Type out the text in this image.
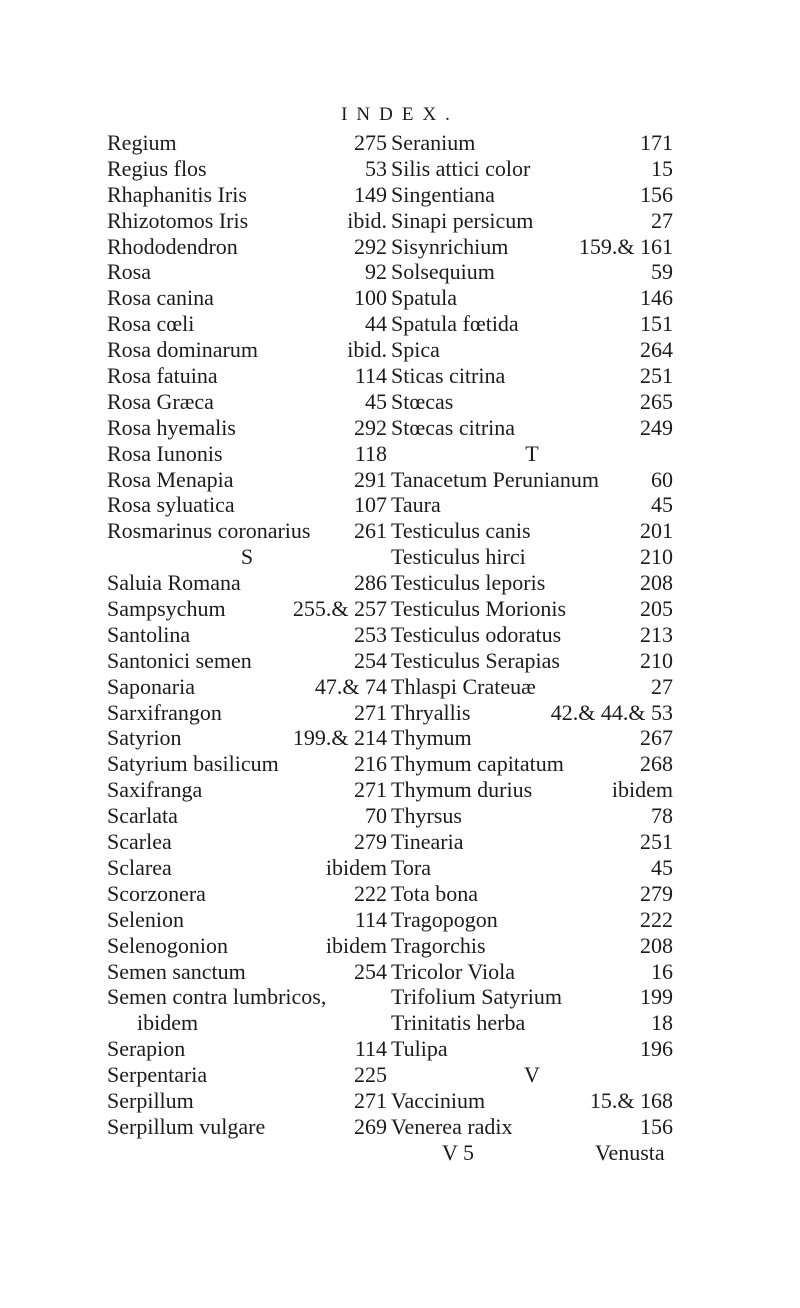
INDEX.
Regium	275
Regius flos	53
Rhaphanitis Iris	149
Rhizotomos Iris	ibid.
Rhododendron	292
Rosa	92
Rosa canina	100
Rosa cœli	44
Rosa dominarum	ibid.
Rosa fatuina	114
Rosa Græca	45
Rosa hyemalis	292
Rosa Iunonis	118
Rosa Menapia	291
Rosa syluatica	107
Rosmarinus coronarius 261
S
Saluia Romana	286
Sampsychum	255.& 257
Santolina	253
Santonici semen	254
Saponaria	47.& 74
Sarxifrangon	271
Satyrion	199.& 214
Satyrium basilicum	216
Saxifranga	271
Scarlata	70
Scarlea	279
Sclarea	ibidem
Scorzonera	222
Selenion	114
Selenogonion	ibidem
Semen sanctum	254
Semen contra lumbricos,
ibidem
Serapion	114
Serpentaria	225
Serpillum	271
Serpillum vulgare	269
Seranium	171
Silis attici color	15
Singentiana	156
Sinapi persicum	27
Sisynrichium	159.& 161
Solsequium	59
Spatula	146
Spatula fœtida	151
Spica	264
Sticas citrina	251
Stœcas	265
Stœcas citrina	249
T
Tanacetum Perunianum 60
Taura	45
Testiculus canis	201
Testiculus hirci	210
Testiculus leporis	208
Testiculus Morionis	205
Testiculus odoratus	213
Testiculus Serapias	210
Thlaspi Crateuæ	27
Thryallis	42.& 44.& 53
Thymum	267
Thymum capitatum	268
Thymum durius	ibidem
Thyrsus	78
Tinearia	251
Tora	45
Tota bona	279
Tragopogon	222
Tragorchis	208
Tricolor Viola	16
Trifolium Satyrium	199
Trinitatis herba	18
Tulipa	196
V
Vaccinium	15.& 168
Venerea radix	156
V 5	Venusta
